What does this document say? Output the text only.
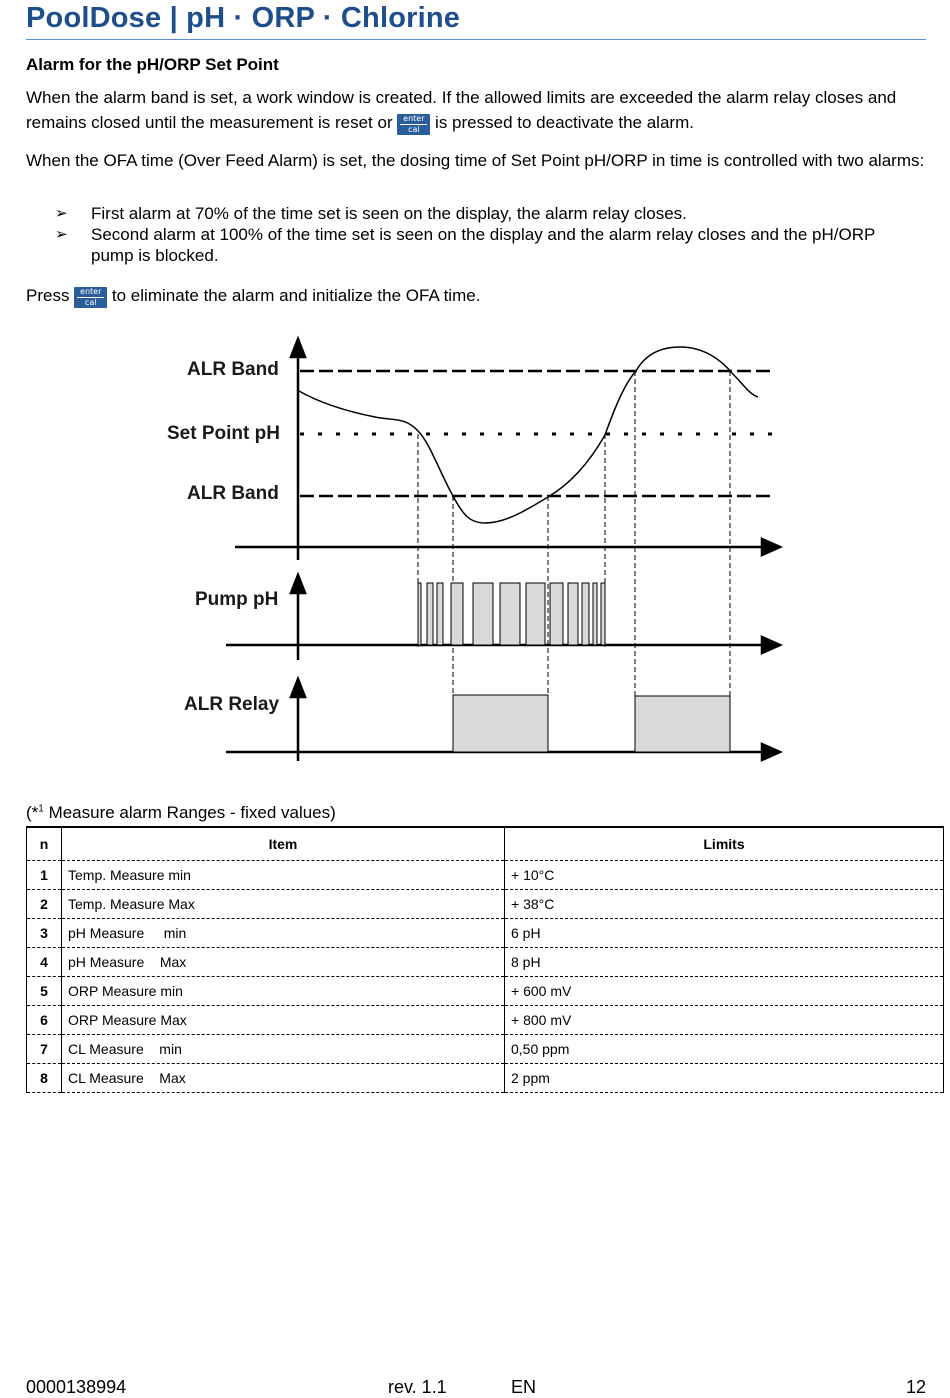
PoolDose | pH · ORP · Chlorine
Alarm for the pH/ORP Set Point
When the alarm band is set, a work window is created. If the allowed limits are exceeded the alarm relay closes and remains closed until the measurement is reset or enter
cal is pressed to deactivate the alarm.
When the OFA time (Over Feed Alarm) is set, the dosing time of Set Point pH/ORP in time is controlled with two alarms:
➢ First alarm at 70% of the time set is seen on the display, the alarm relay closes.
➢ Second alarm at 100% of the time set is seen on the display and the alarm relay closes and the pH/ORP pump is blocked.
Press enter
cal to eliminate the alarm and initialize the OFA time.
ALR Band
Set Point pH
ALR Band
Pump pH
ALR Relay
(*$^1$ Measure alarm Ranges - fixed values)
n	Item	Limits
1	Temp. Measure min	+ 10°C
2	Temp. Measure Max	+ 38°C
3	pH Measure     min	6 pH
4	pH Measure    Max	8 pH
5	ORP Measure min	+ 600 mV
6	ORP Measure Max	+ 800 mV
7	CL Measure    min	0,50 ppm
8	CL Measure    Max	2 ppm
0000138994	rev. 1.1	EN	12
